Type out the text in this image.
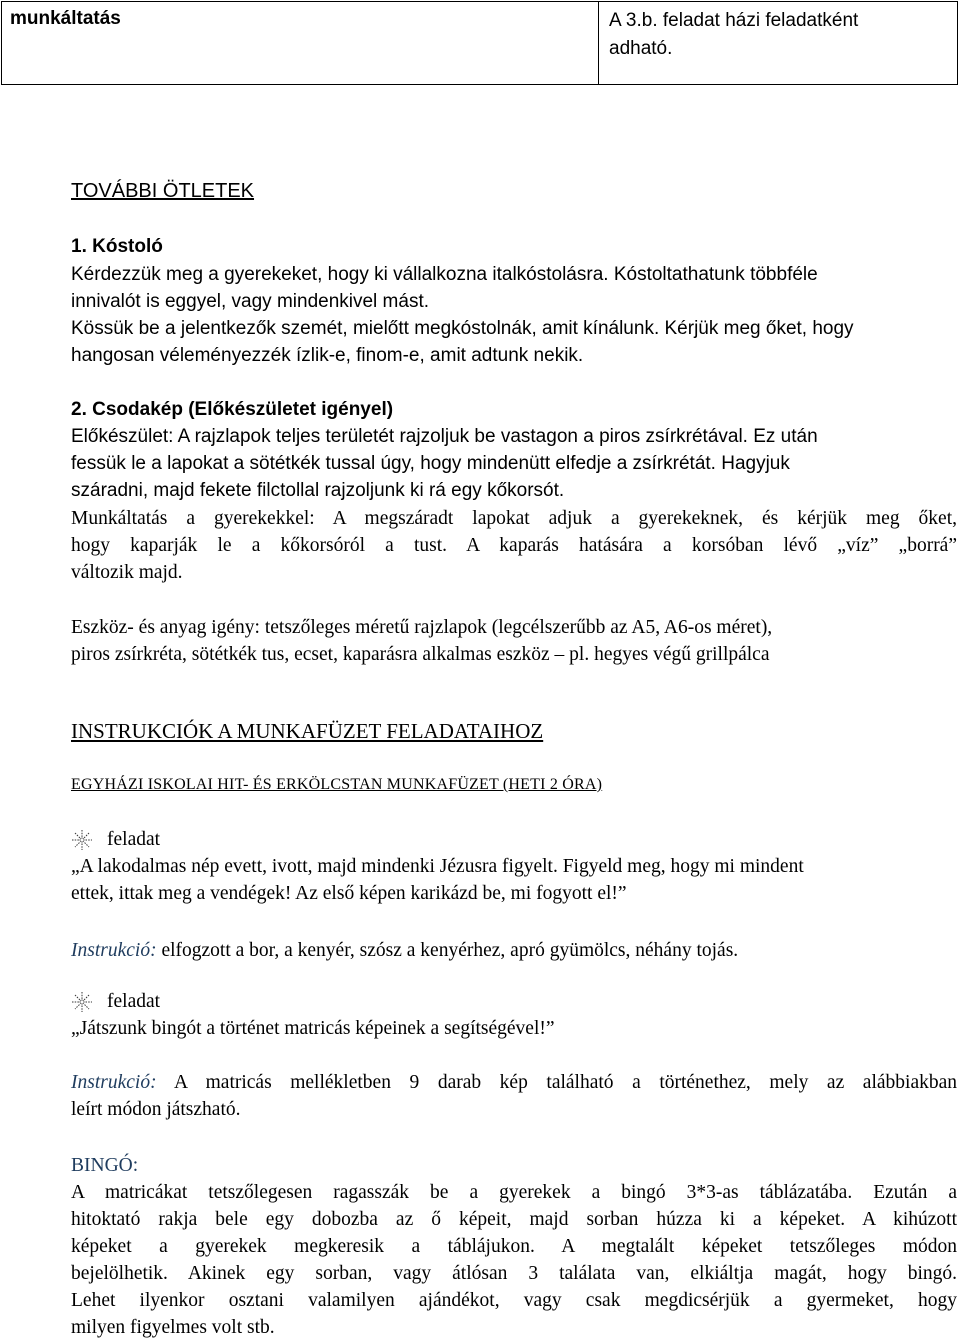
munkáltatás	A 3.b. feladat házi feladatként
adható.
TOVÁBBI ÖTLETEK
1. Kóstoló
Kérdezzük meg a gyerekeket, hogy ki vállalkozna italkóstolásra. Kóstoltathatunk többféle
innivalót is eggyel, vagy mindenkivel mást.
Kössük be a jelentkezők szemét, mielőtt megkóstolnák, amit kínálunk. Kérjük meg őket, hogy
hangosan véleményezzék ízlik-e, finom-e, amit adtunk nekik.
2. Csodakép (Előkészületet igényel)
Előkészület: A rajzlapok teljes területét rajzoljuk be vastagon a piros zsírkrétával. Ez után
fessük le a lapokat a sötétkék tussal úgy, hogy mindenütt elfedje a zsírkrétát. Hagyjuk
száradni, majd fekete filctollal rajzoljunk ki rá egy kőkorsót.
Munkáltatás a gyerekekkel: A megszáradt lapokat adjuk a gyerekeknek, és kérjük meg őket,
hogy kaparják le a kőkorsóról a tust. A kaparás hatására a korsóban lévő „víz” „borrá”
változik majd.
Eszköz- és anyag igény: tetszőleges méretű rajzlapok (legcélszerűbb az A5, A6-os méret),
piros zsírkréta, sötétkék tus, ecset, kaparásra alkalmas eszköz – pl. hegyes végű grillpálca
INSTRUKCIÓK A MUNKAFÜZET FELADATAIHOZ
EGYHÁZI ISKOLAI HIT- ÉS ERKÖLCSTAN MUNKAFÜZET (HETI 2 ÓRA)
feladat
„A lakodalmas nép evett, ivott, majd mindenki Jézusra figyelt. Figyeld meg, hogy mi mindent
ettek, ittak meg a vendégek! Az első képen karikázd be, mi fogyott el!”
Instrukció: elfogzott a bor, a kenyér, szósz a kenyérhez, apró gyümölcs, néhány tojás.
feladat
„Játszunk bingót a történet matricás képeinek a segítségével!”
Instrukció: A matricás mellékletben 9 darab kép található a történethez, mely az alábbiakban
leírt módon játszható.
BINGÓ:
A matricákat tetszőlegesen ragasszák be a gyerekek a bingó 3*3-as táblázatába. Ezután a
hitoktató rakja bele egy dobozba az ő képeit, majd sorban húzza ki a képeket. A kihúzott
képeket a gyerekek megkeresik a táblájukon. A megtalált képeket tetszőleges módon
bejelölhetik. Akinek egy sorban, vagy átlósan 3 találata van, elkiáltja magát, hogy bingó.
Lehet ilyenkor osztani valamilyen ajándékot, vagy csak megdicsérjük a gyermeket, hogy
milyen figyelmes volt stb.
